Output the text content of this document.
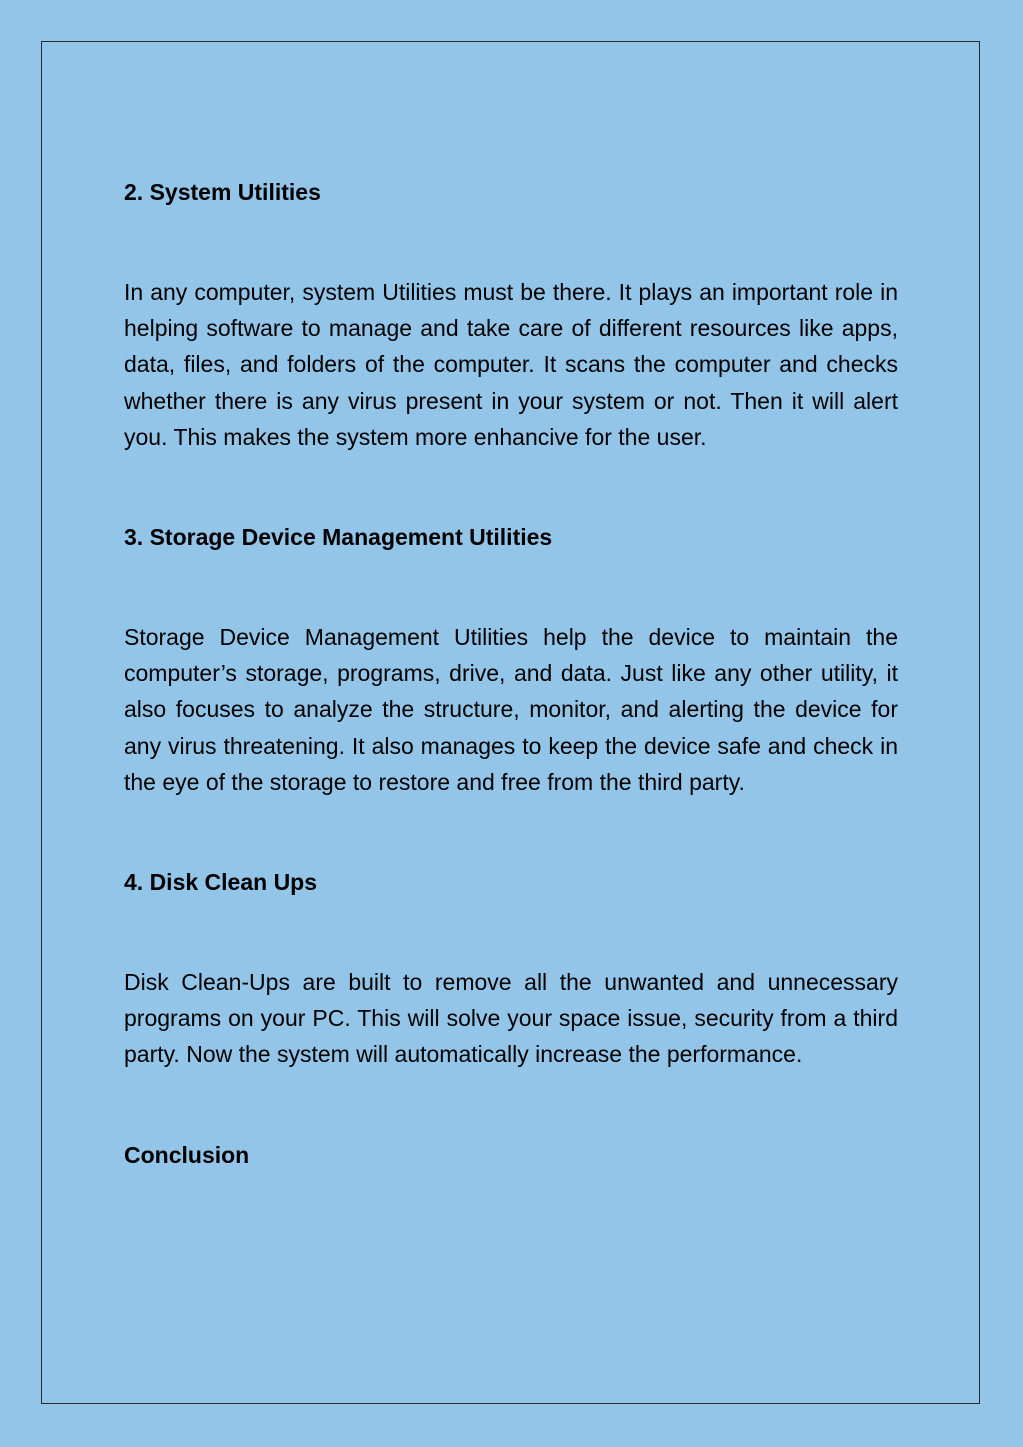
2. System Utilities

In any computer, system Utilities must be there. It plays an important role in helping software to manage and take care of different resources like apps, data, files, and folders of the computer. It scans the computer and checks whether there is any virus present in your system or not. Then it will alert you. This makes the system more enhancive for the user.

3. Storage Device Management Utilities

Storage Device Management Utilities help the device to maintain the computer’s storage, programs, drive, and data. Just like any other utility, it also focuses to analyze the structure, monitor, and alerting the device for any virus threatening. It also manages to keep the device safe and check in the eye of the storage to restore and free from the third party.

4. Disk Clean Ups

Disk Clean-Ups are built to remove all the unwanted and unnecessary programs on your PC. This will solve your space issue, security from a third party. Now the system will automatically increase the performance.

Conclusion
